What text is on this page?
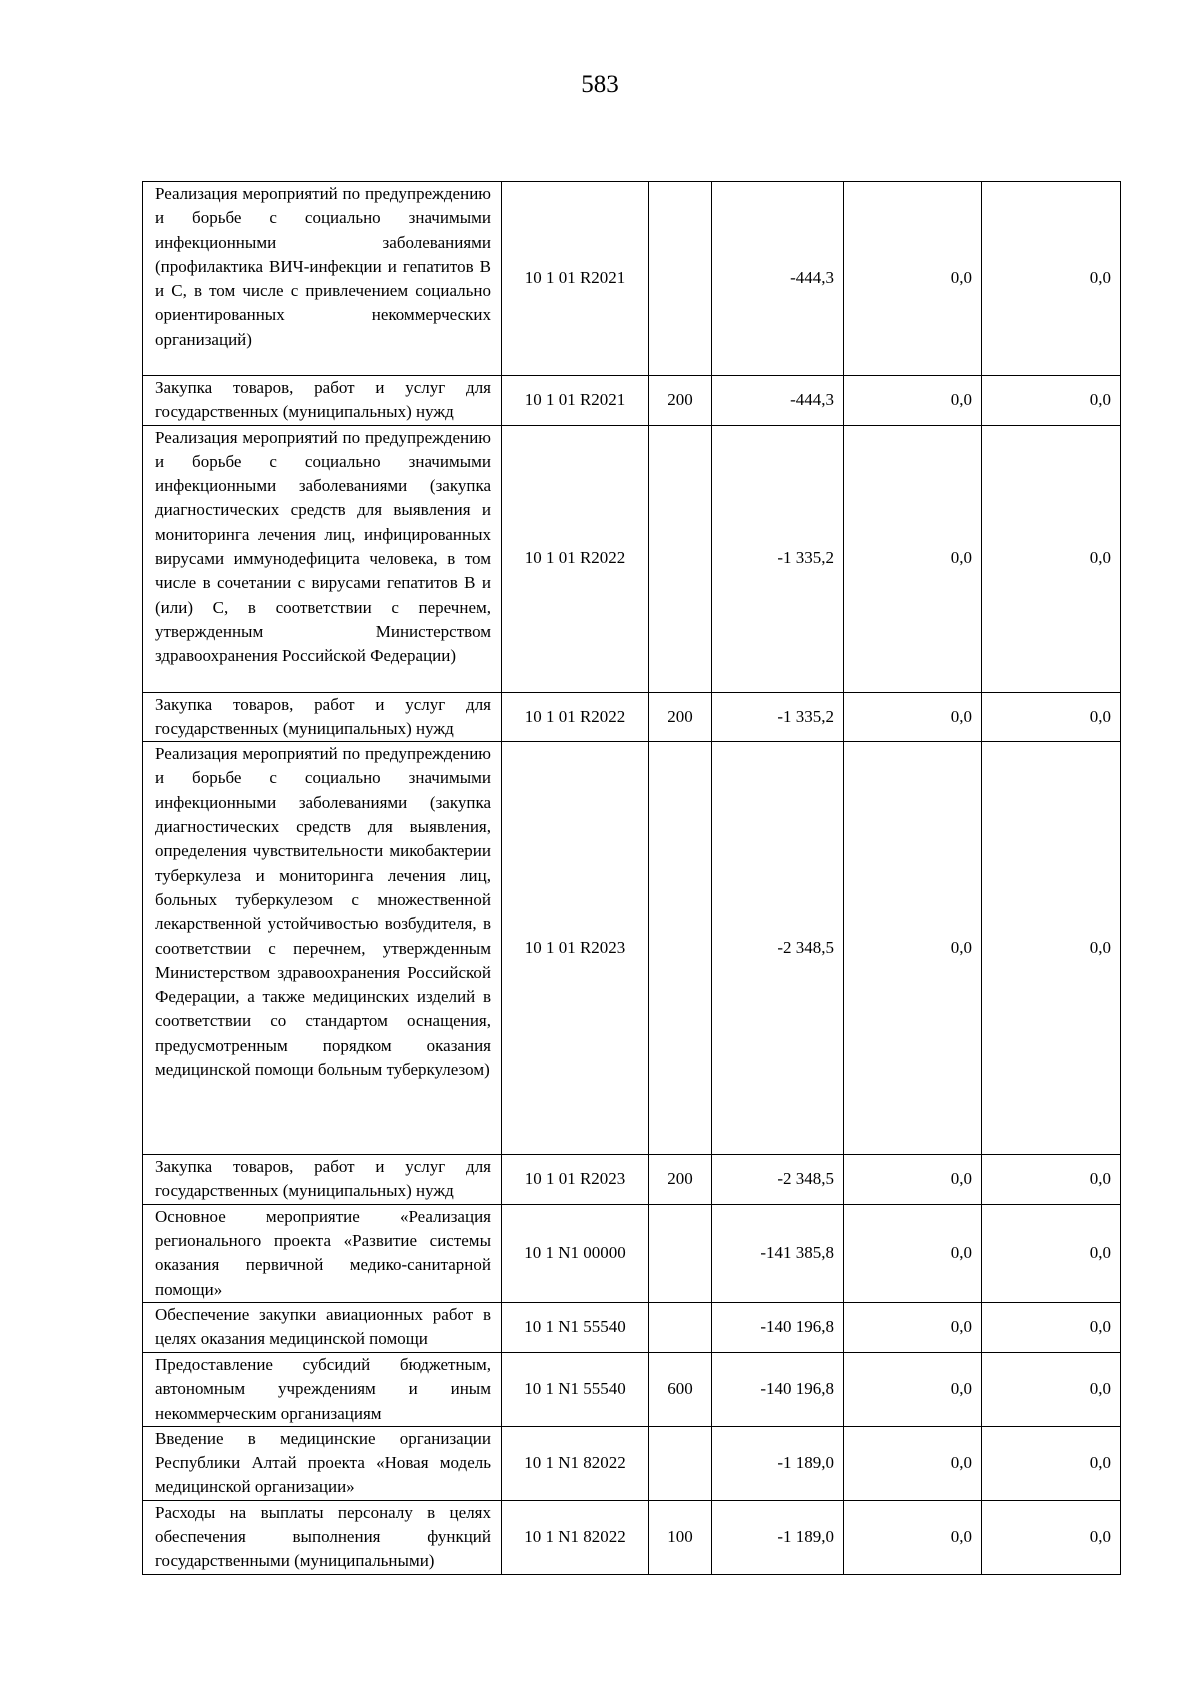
583
Реализация мероприятий по предупреждению и борьбе с социально значимыми инфекционными заболеваниями (профилактика ВИЧ-инфекции и гепатитов B и C, в том числе с привлечением социально ориентированных некоммерческих организаций)	10 1 01 R2021		-444,3	0,0	0,0
Закупка товаров, работ и услуг для государственных (муниципальных) нужд	10 1 01 R2021	200	-444,3	0,0	0,0
Реализация мероприятий по предупреждению и борьбе с социально значимыми инфекционными заболеваниями (закупка диагностических средств для выявления и мониторинга лечения лиц, инфицированных вирусами иммунодефицита человека, в том числе в сочетании с вирусами гепатитов B и (или) C, в соответствии с перечнем, утвержденным Министерством здравоохранения Российской Федерации)	10 1 01 R2022		-1 335,2	0,0	0,0
Закупка товаров, работ и услуг для государственных (муниципальных) нужд	10 1 01 R2022	200	-1 335,2	0,0	0,0
Реализация мероприятий по предупреждению и борьбе с социально значимыми инфекционными заболеваниями (закупка диагностических средств для выявления, определения чувствительности микобактерии туберкулеза и мониторинга лечения лиц, больных туберкулезом с множественной лекарственной устойчивостью возбудителя, в соответствии с перечнем, утвержденным Министерством здравоохранения Российской Федерации, а также медицинских изделий в соответствии со стандартом оснащения, предусмотренным порядком оказания медицинской помощи больным туберкулезом)	10 1 01 R2023		-2 348,5	0,0	0,0
Закупка товаров, работ и услуг для государственных (муниципальных) нужд	10 1 01 R2023	200	-2 348,5	0,0	0,0
Основное мероприятие «Реализация регионального проекта «Развитие системы оказания первичной медико-санитарной помощи»	10 1 N1 00000		-141 385,8	0,0	0,0
Обеспечение закупки авиационных работ в целях оказания медицинской помощи	10 1 N1 55540		-140 196,8	0,0	0,0
Предоставление субсидий бюджетным, автономным учреждениям и иным некоммерческим организациям	10 1 N1 55540	600	-140 196,8	0,0	0,0
Введение в медицинские организации Республики Алтай проекта «Новая модель медицинской организации»	10 1 N1 82022		-1 189,0	0,0	0,0
Расходы на выплаты персоналу в целях обеспечения выполнения функций государственными (муниципальными)	10 1 N1 82022	100	-1 189,0	0,0	0,0
